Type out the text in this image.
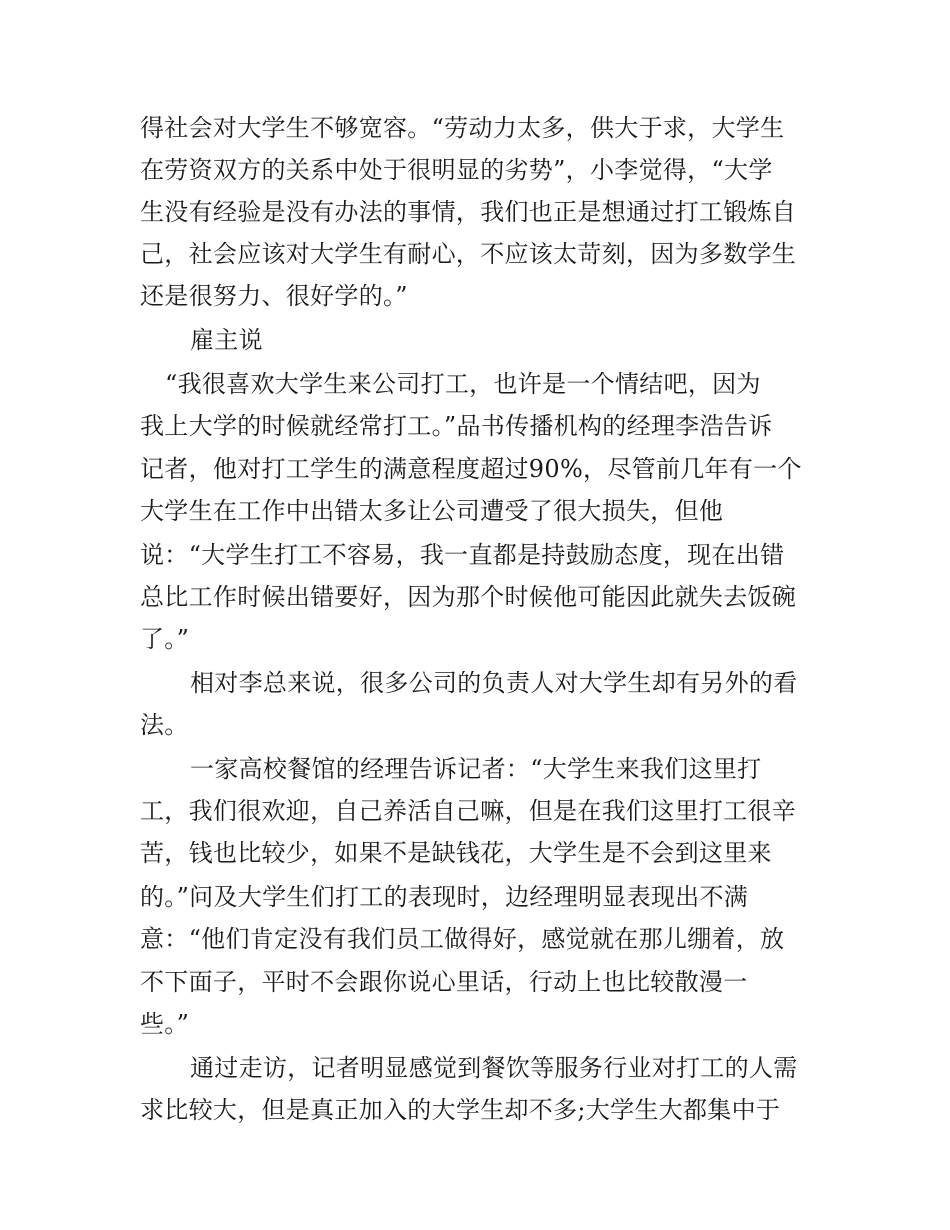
得社会对大学生不够宽容。“劳动力太多，供大于求，大学生
在劳资双方的关系中处于很明显的劣势”，小李觉得，“大学
生没有经验是没有办法的事情，我们也正是想通过打工锻炼自
己，社会应该对大学生有耐心，不应该太苛刻，因为多数学生
还是很努力、很好学的。”
雇主说
“我很喜欢大学生来公司打工，也许是一个情结吧，因为
我上大学的时候就经常打工。”品书传播机构的经理李浩告诉
记者，他对打工学生的满意程度超过90%，尽管前几年有一个
大学生在工作中出错太多让公司遭受了很大损失，但他
说：“大学生打工不容易，我一直都是持鼓励态度，现在出错
总比工作时候出错要好，因为那个时候他可能因此就失去饭碗
了。”
相对李总来说，很多公司的负责人对大学生却有另外的看
法。
一家高校餐馆的经理告诉记者：“大学生来我们这里打
工，我们很欢迎，自己养活自己嘛，但是在我们这里打工很辛
苦，钱也比较少，如果不是缺钱花，大学生是不会到这里来
的。”问及大学生们打工的表现时，边经理明显表现出不满
意：“他们肯定没有我们员工做得好，感觉就在那儿绷着，放
不下面子，平时不会跟你说心里话，行动上也比较散漫一
些。”
通过走访，记者明显感觉到餐饮等服务行业对打工的人需
求比较大，但是真正加入的大学生却不多;大学生大都集中于
